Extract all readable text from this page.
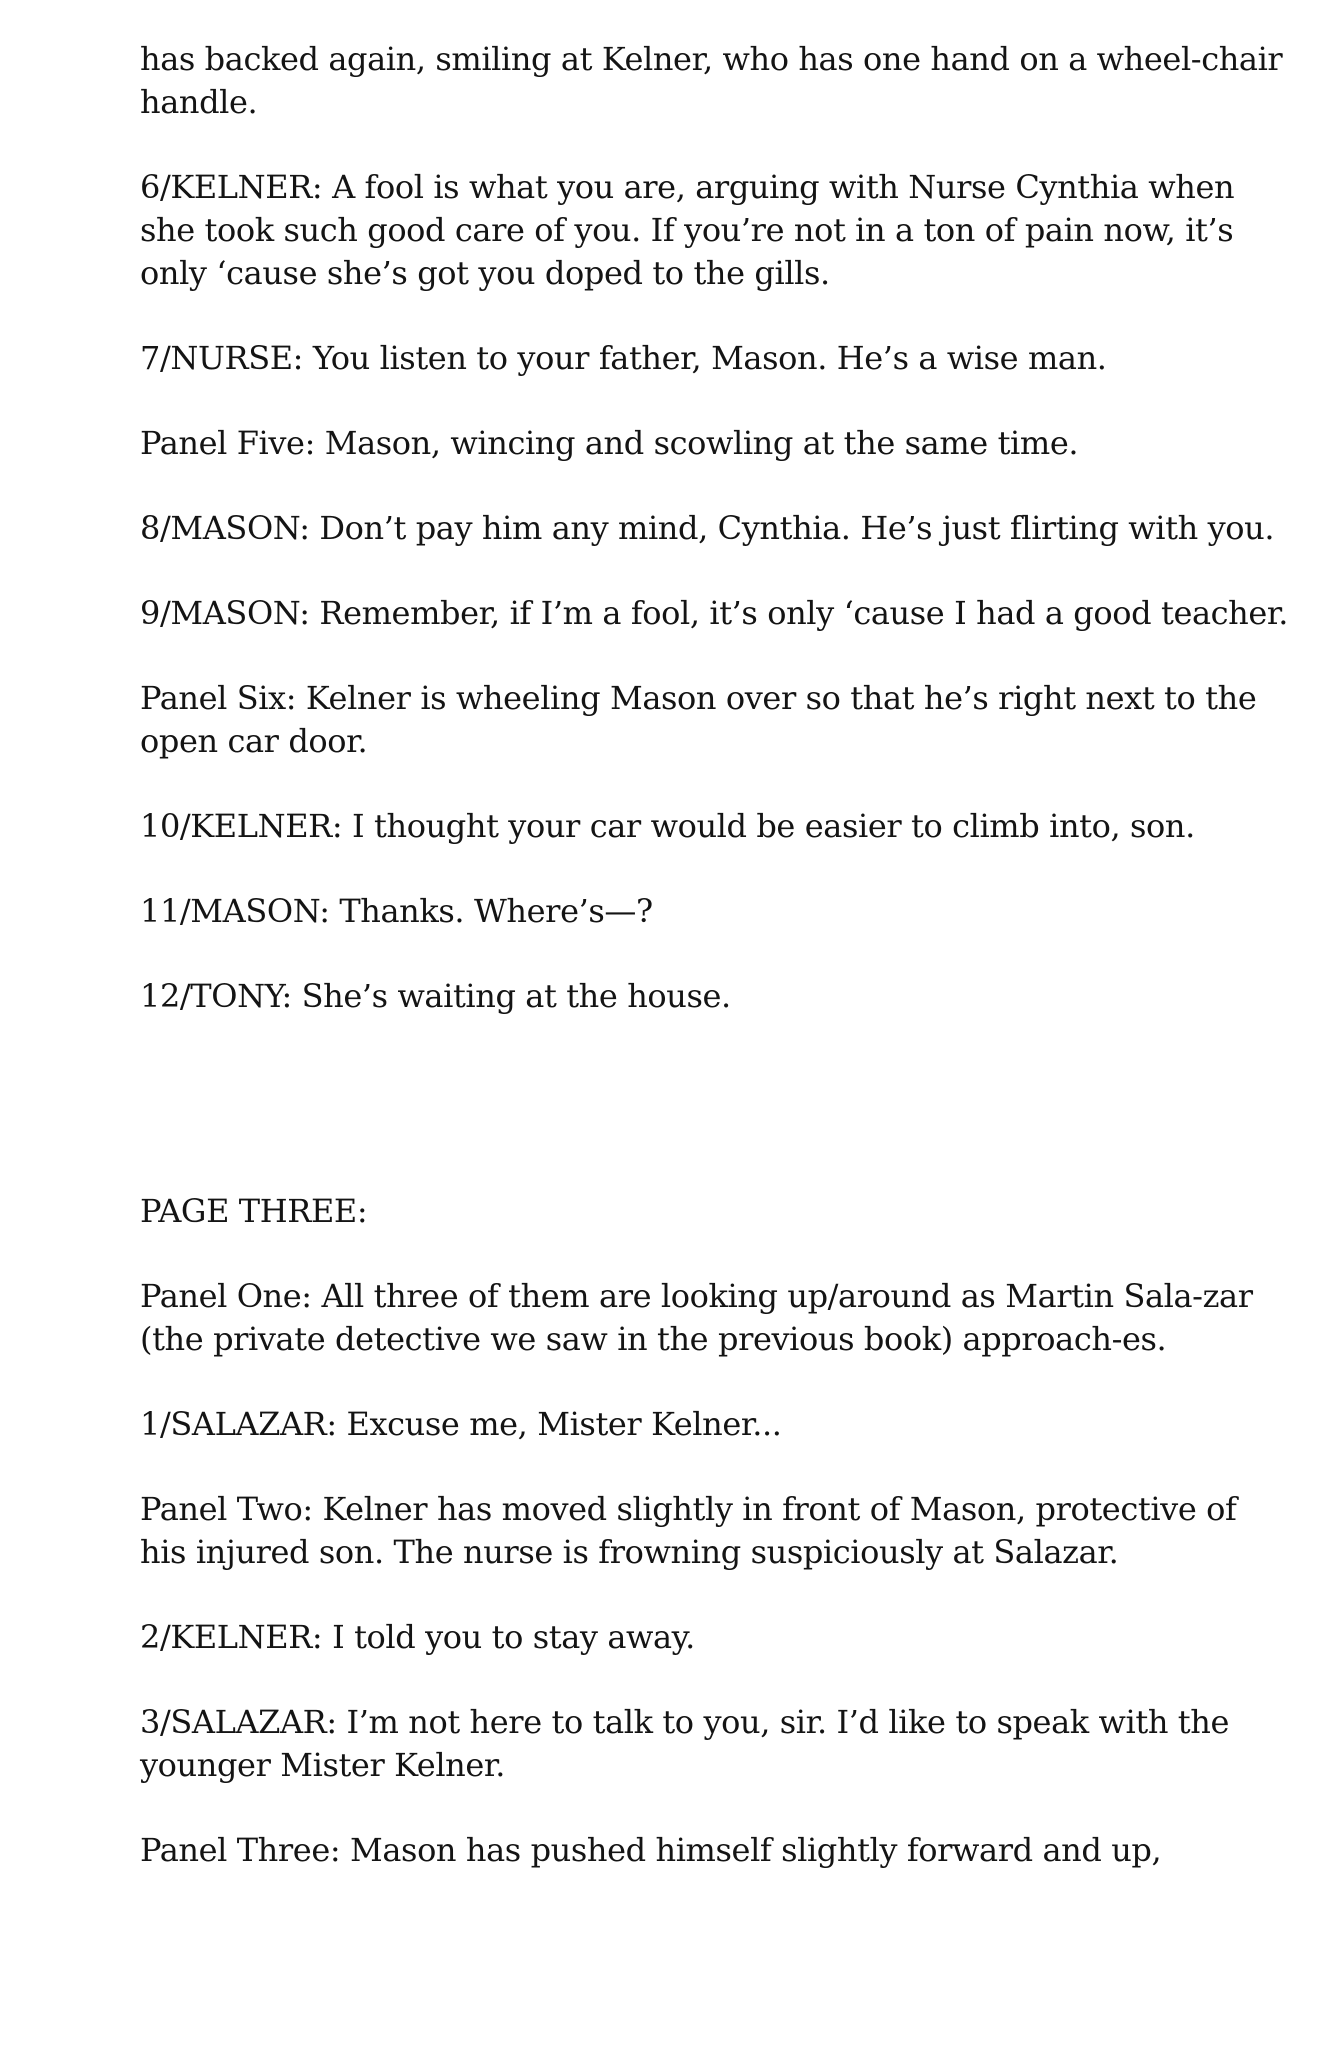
has backed again, smiling at Kelner, who has one hand on a wheel-chair handle.

6/KELNER: A fool is what you are, arguing with Nurse Cynthia when she took such good care of you. If you’re not in a ton of pain now, it’s only ‘cause she’s got you doped to the gills.

7/NURSE: You listen to your father, Mason. He’s a wise man.

Panel Five: Mason, wincing and scowling at the same time.

8/MASON: Don’t pay him any mind, Cynthia. He’s just flirting with you.

9/MASON: Remember, if I’m a fool, it’s only ‘cause I had a good teacher.

Panel Six: Kelner is wheeling Mason over so that he’s right next to the open car door.

10/KELNER: I thought your car would be easier to climb into, son.

11/MASON: Thanks. Where’s—?

12/TONY: She’s waiting at the house.

PAGE THREE:

Panel One: All three of them are looking up/around as Martin Sala-zar (the private detective we saw in the previous book) approach-es.

1/SALAZAR: Excuse me, Mister Kelner...

Panel Two: Kelner has moved slightly in front of Mason, protective of his injured son. The nurse is frowning suspiciously at Salazar.

2/KELNER: I told you to stay away.

3/SALAZAR: I’m not here to talk to you, sir. I’d like to speak with the younger Mister Kelner.

Panel Three: Mason has pushed himself slightly forward and up,
